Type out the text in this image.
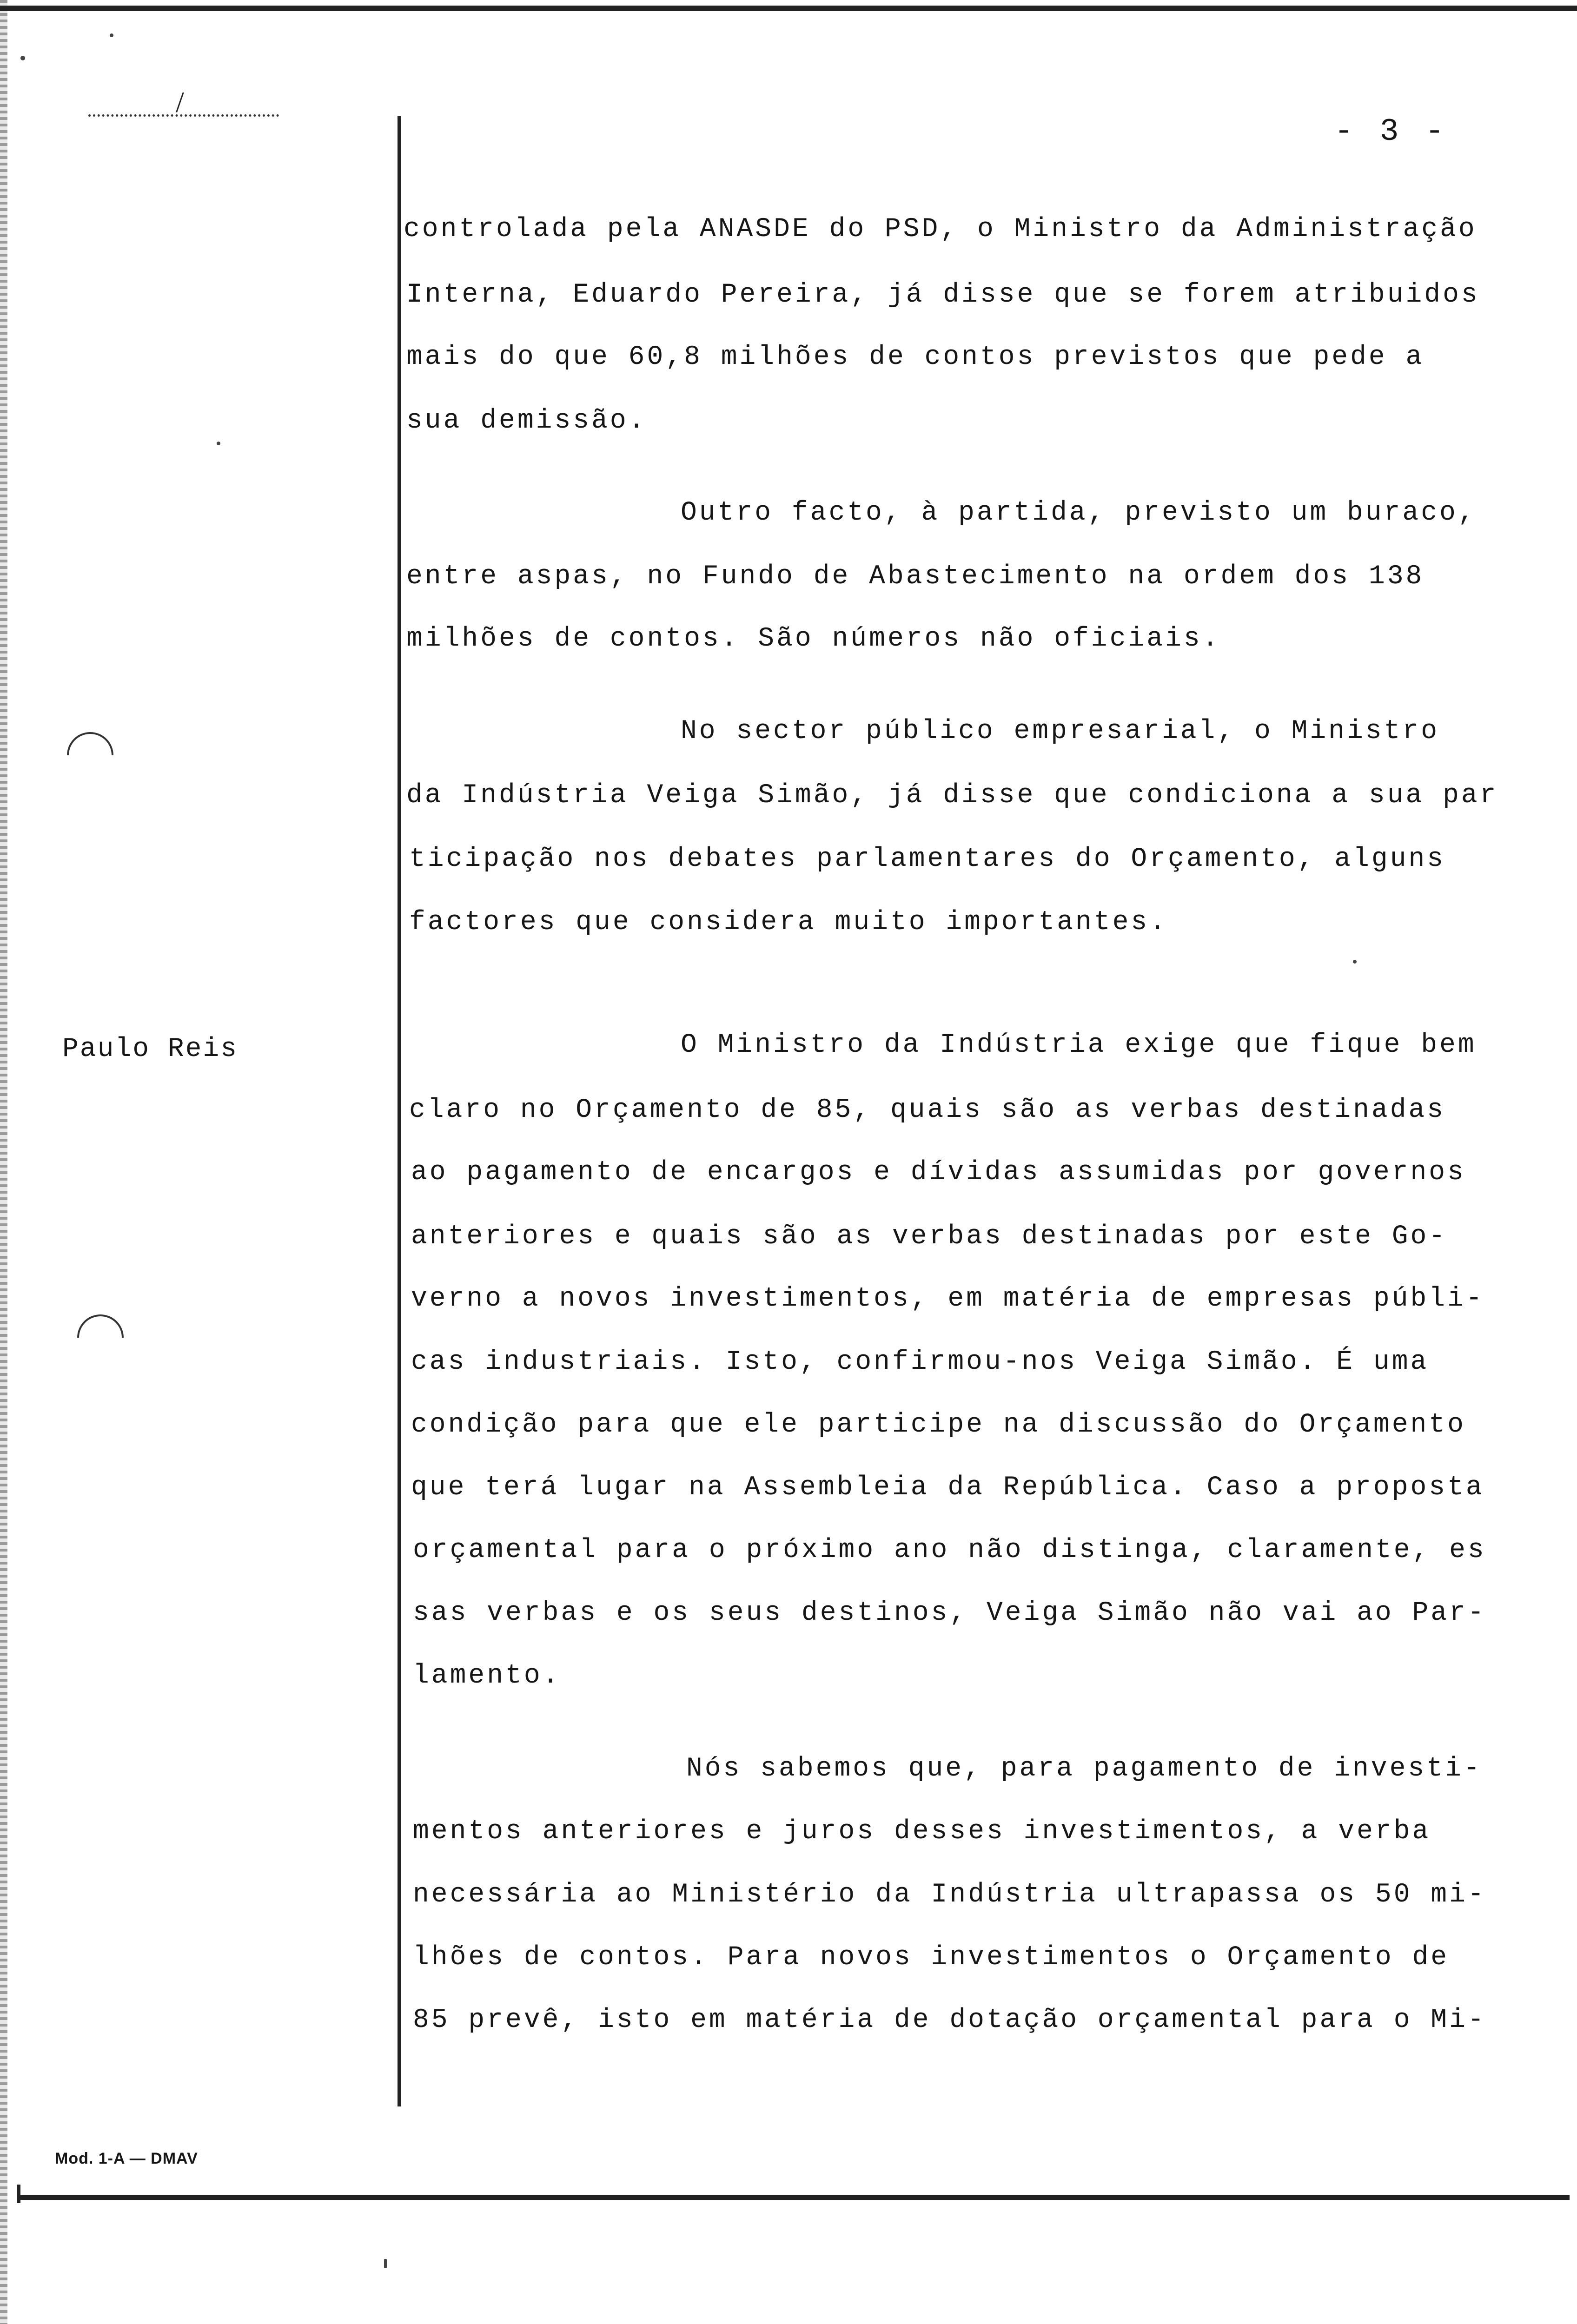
/
- 3 -
Paulo Reis
controlada pela ANASDE do PSD, o Ministro da Administração
Interna, Eduardo Pereira, já disse que se forem atribuidos
mais do que 60,8 milhões de contos previstos que pede a
sua demissão.
Outro facto, à partida, previsto um buraco,
entre aspas, no Fundo de Abastecimento na ordem dos 138
milhões de contos. São números não oficiais.
No sector público empresarial, o Ministro
da Indústria Veiga Simão, já disse que condiciona a sua par
ticipação nos debates parlamentares do Orçamento, alguns
factores que considera muito importantes.
O Ministro da Indústria exige que fique bem
claro no Orçamento de 85, quais são as verbas destinadas
ao pagamento de encargos e dívidas assumidas por governos
anteriores e quais são as verbas destinadas por este Go-
verno a novos investimentos, em matéria de empresas públi-
cas industriais. Isto, confirmou-nos Veiga Simão. É uma
condição para que ele participe na discussão do Orçamento
que terá lugar na Assembleia da República. Caso a proposta
orçamental para o próximo ano não distinga, claramente, es
sas verbas e os seus destinos, Veiga Simão não vai ao Par-
lamento.
Nós sabemos que, para pagamento de investi-
mentos anteriores e juros desses investimentos, a verba
necessária ao Ministério da Indústria ultrapassa os 50 mi-
lhões de contos. Para novos investimentos o Orçamento de
85 prevê, isto em matéria de dotação orçamental para o Mi-
Mod. 1-A — DMAV
